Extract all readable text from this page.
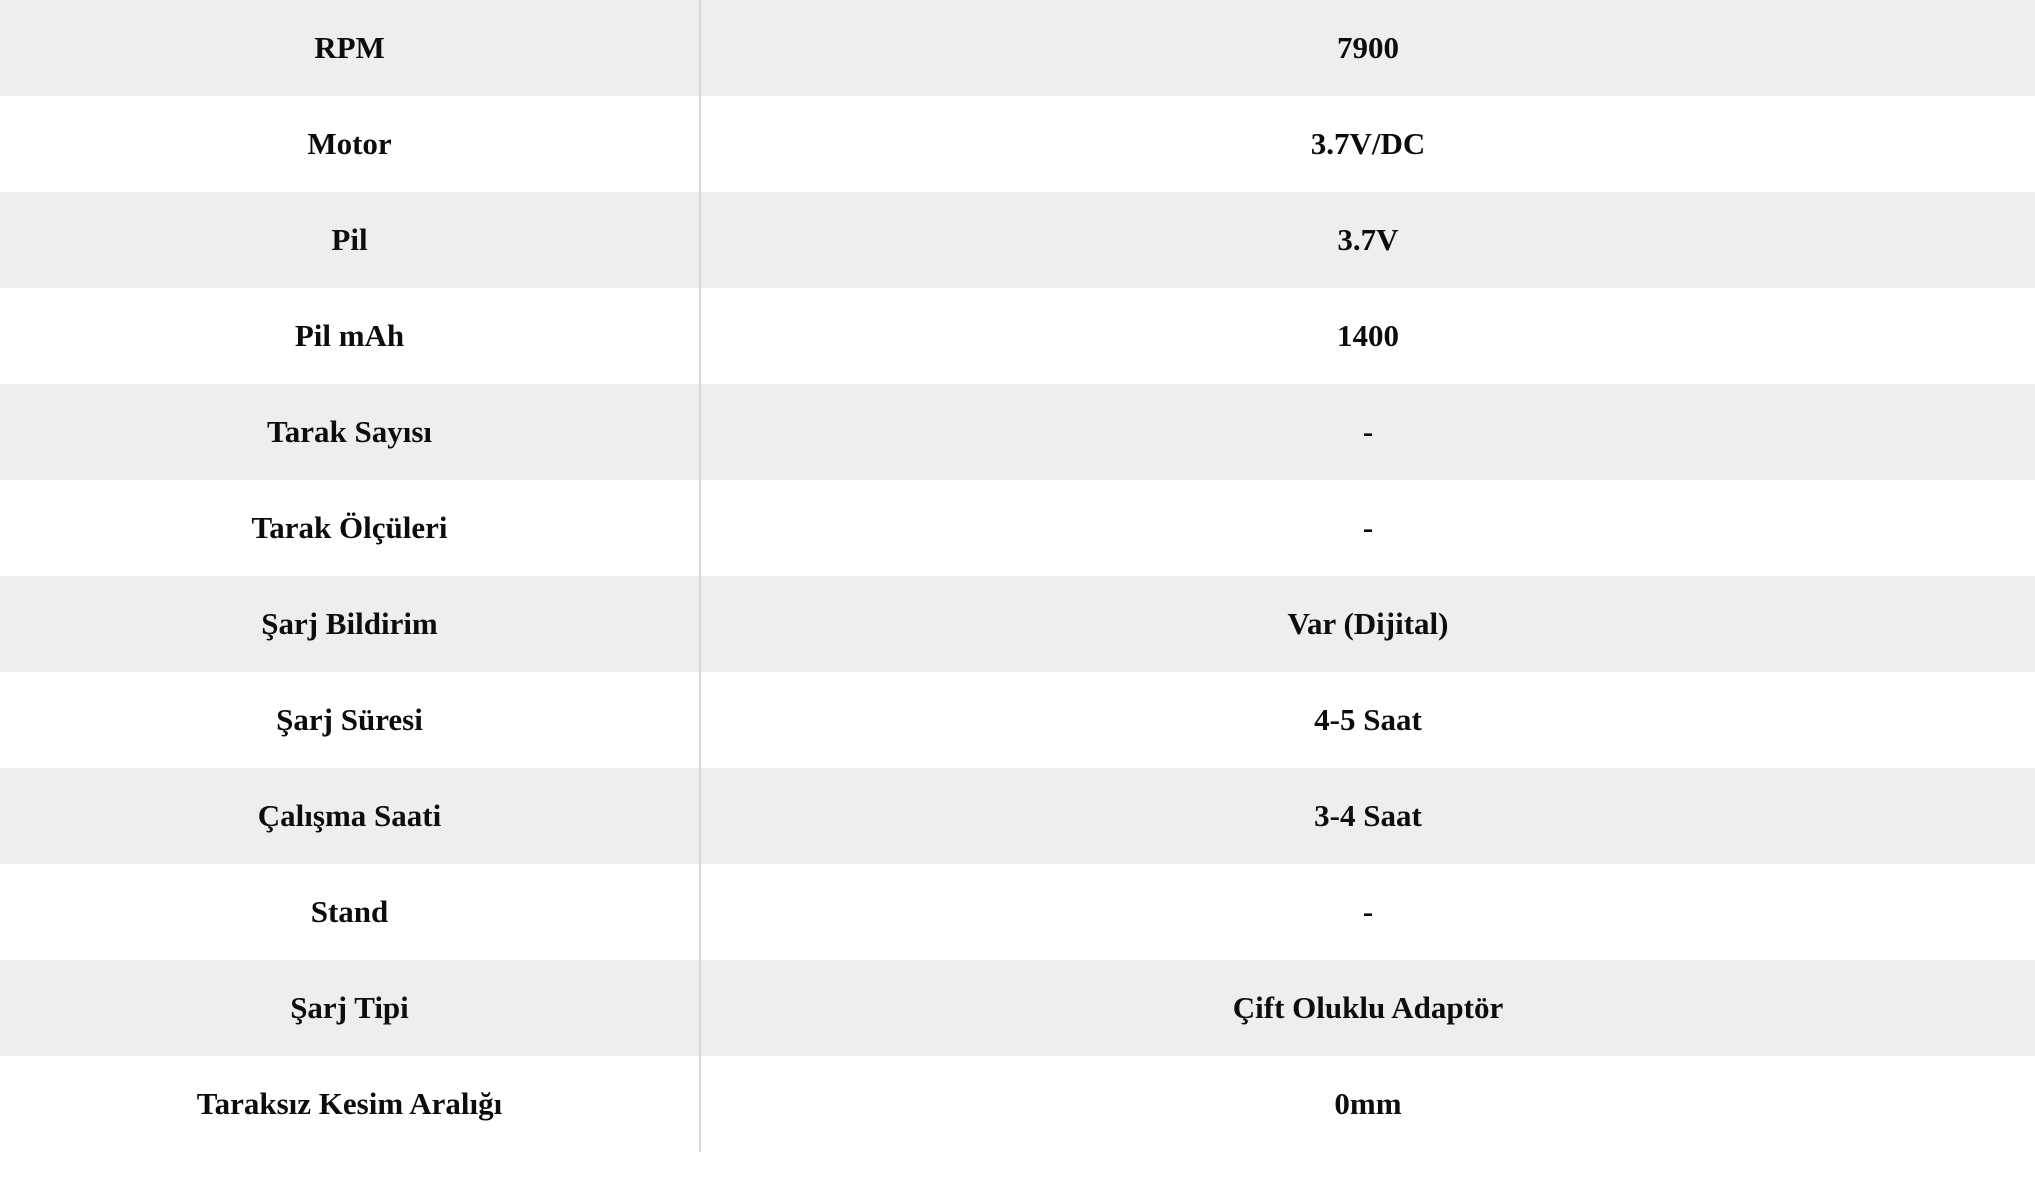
RPM	7900
Motor	3.7V/DC
Pil	3.7V
Pil mAh	1400
Tarak Sayısı	-
Tarak Ölçüleri	-
Şarj Bildirim	Var (Dijital)
Şarj Süresi	4-5 Saat
Çalışma Saati	3-4 Saat
Stand	-
Şarj Tipi	Çift Oluklu Adaptör
Taraksız Kesim Aralığı	0mm
